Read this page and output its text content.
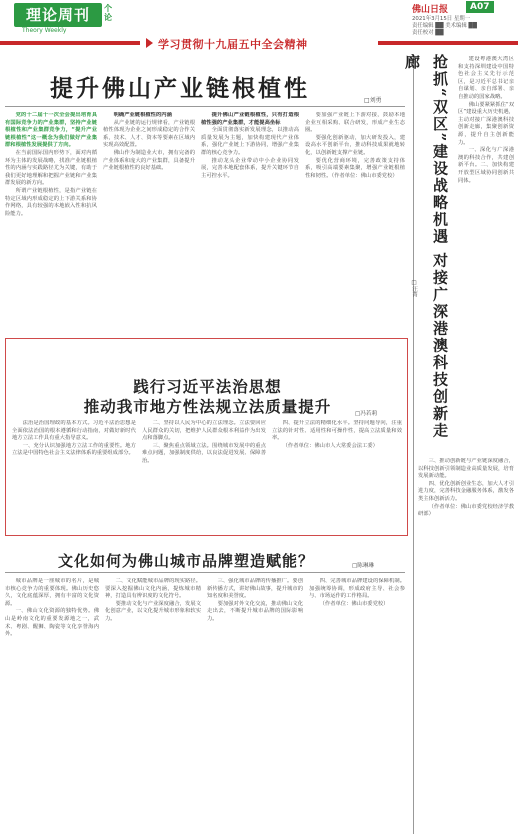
理论周刊	个论
Theory Weekly
佛山日报	A07
2021年3月15日 星期一
责任编辑 ██ 美术编辑 ██
责任校对 ██
学习贯彻十九届五中全会精神
提升佛山产业链根植性	□刘勇

党的十二届十一次全会提出培育具有国际竞争力的产业集群，坚持产业链根植性和产业集群竞争力，“提升产业链根植性”这一概念为我们做好产业集群和根植性发展提供了方向。

在当前国际国内形势下，面对内循环为主体的发展战略，找准产业链根植性的内涵与实践路径尤为关键，有助于我们更好地理解和把握产业链和产业集群发展的新方向。

所谓产业链根植性，是指产业链在特定区域内形成稳定的上下游关系和协作网络，具有较强的本地嵌入性和抗风险能力。

明确产业链根植性的内涵

从产业链的运行规律看，产业链根植性体现为企业之间形成稳定的合作关系，技术、人才、资本等要素在区域内实现高效配置。

佛山作为制造业大市，拥有完备的产业体系和庞大的产业集群，具备提升产业链根植性的良好基础。

提升佛山产业链根植性，只有打造根植性强的产业集群，才能提高坐标

全面贯彻落实新发展理念，以推动高质量发展为主题，加快构建现代产业体系，强化产业链上下游协同，增强产业集群的核心竞争力。

推动龙头企业带动中小企业协同发展，完善本地配套体系，提升关键环节自主可控水平。

要加强产业链上下游对接，鼓励本地企业互相采购、联合研发，形成产业生态圈。

要强化创新驱动，加大研发投入，建设高水平创新平台，推动科技成果就地转化，以创新链支撑产业链。

要优化营商环境，完善政策支持体系，吸引高端要素集聚，增强产业链根植性和韧性。（作者单位：佛山市委党校）

践行习近平法治思想
推动我市地方性法规立法质量提升	□冯若莉

法治是治国理政的基本方式。习近平法治思想是全面依法治国的根本遵循和行动指南，对做好新时代地方立法工作具有重大指导意义。

一、充分认识加强地方立法工作的重要性。地方立法是中国特色社会主义法律体系的重要组成部分。

二、坚持以人民为中心的立法理念。立法要回应人民群众的关切，把维护人民群众根本利益作为出发点和落脚点。

三、聚焦重点领域立法。围绕城市发展中的重点难点问题，加强制度供给，以良法促进发展、保障善治。

四、提升立法的精细化水平。坚持问题导向，注重立法的针对性、适用性和可操作性，提高立法质量和效率。

（作者单位：佛山市人大常委会法工委）

文化如何为佛山城市品牌塑造赋能？	□陈琳琳

城市品牌是一座城市的名片，是城市核心竞争力的重要体现。佛山历史悠久，文化底蕴深厚，拥有丰富的文化资源。

一、佛山文化资源的独特优势。佛山是岭南文化的重要发源地之一，武术、粤剧、醒狮、陶瓷等文化享誉海内外。

二、文化赋能城市品牌的现实路径。要深入挖掘佛山文化内涵，提炼城市精神，打造具有辨识度的文化符号。

要推动文化与产业深度融合，发展文化创意产业，以文化提升城市形象和软实力。

三、强化城市品牌的传播推广。要创新传播方式，讲好佛山故事，提升城市的知名度和美誉度。

要加强对外文化交流，推动佛山文化走出去，不断提升城市品牌的国际影响力。

四、完善城市品牌建设的保障机制。加强统筹协调，形成政府主导、社会参与、市场运作的工作格局。

（作者单位：佛山市委党校）

抢抓“双区”建设战略机遇 对接广深港澳科技创新走廊
□汪菁

建设粤港澳大湾区和支持深圳建设中国特色社会主义先行示范区，是习近平总书记亲自谋划、亲自部署、亲自推动的国家战略。

佛山要紧紧抓住“双区”建设重大历史机遇，主动对接广深港澳科技创新走廊，集聚创新资源，提升自主创新能力。

一、深化与广深港澳的科技合作，共建创新平台。二、加快构建开放型区域协同创新共同体。

三、推动创新链与产业链深度融合，以科技创新引领制造业高质量发展，培育发展新动能。

四、优化创新创业生态，加大人才引进力度，完善科技金融服务体系，激发各类主体创新活力。

（作者单位：佛山市委党校经济学教研部）
